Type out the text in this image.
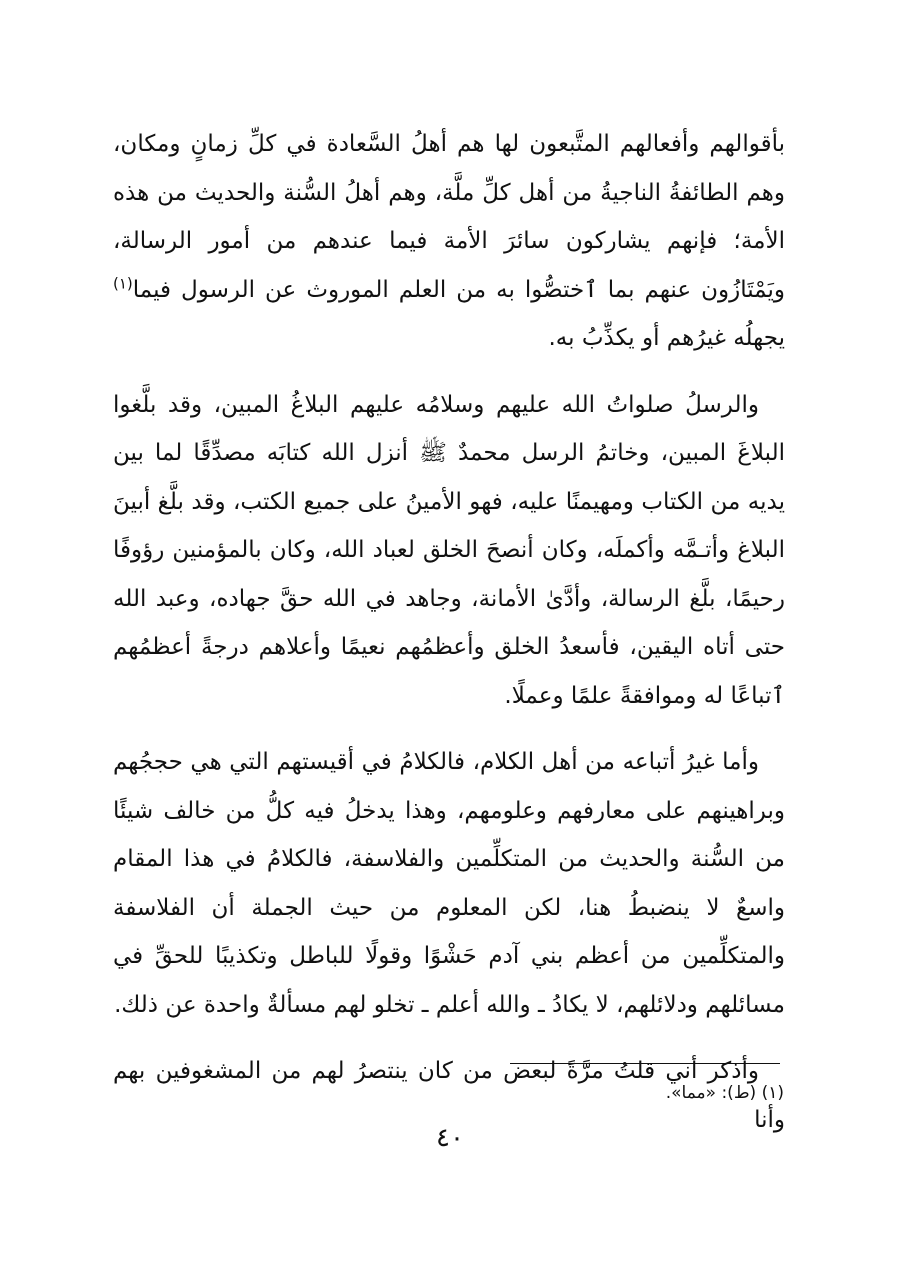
بأقوالهم وأفعالهم المتَّبعون لها هم أهلُ السَّعادة في كلِّ زمانٍ ومكان، وهم الطائفةُ الناجيةُ من أهل كلِّ ملَّة، وهم أهلُ السُّنة والحديث من هذه الأمة؛ فإنهم يشاركون سائرَ الأمة فيما عندهم من أمور الرسالة، ويَمْتَازُون عنهم بما ٱختصُّوا به من العلم الموروث عن الرسول فيما$^{(١)}$ يجهلُه غيرُهم أو يكذِّبُ به.

والرسلُ صلواتُ الله عليهم وسلامُه عليهم البلاغُ المبين، وقد بلَّغوا البلاغَ المبين، وخاتمُ الرسل محمدٌ ﷺ أنزل الله كتابَه مصدِّقًا لما بين يديه من الكتاب ومهيمنًا عليه، فهو الأمينُ على جميع الكتب، وقد بلَّغ أبينَ البلاغ وأتـمَّه وأكملَه، وكان أنصحَ الخلق لعباد الله، وكان بالمؤمنين رؤوفًا رحيمًا، بلَّغ الرسالة، وأدَّىٰ الأمانة، وجاهد في الله حقَّ جهاده، وعبد الله حتى أتاه اليقين، فأسعدُ الخلق وأعظمُهم نعيمًا وأعلاهم درجةً أعظمُهم ٱتباعًا له وموافقةً علمًا وعملًا.

وأما غيرُ أتباعه من أهل الكلام، فالكلامُ في أقيستهم التي هي حججُهم وبراهينهم على معارفهم وعلومهم، وهذا يدخلُ فيه كلُّ من خالف شيئًا من السُّنة والحديث من المتكلِّمين والفلاسفة، فالكلامُ في هذا المقام واسعٌ لا ينضبطُ هنا، لكن المعلوم من حيث الجملة أن الفلاسفة والمتكلِّمين من أعظم بني آدم حَشْوًا وقولًا للباطل وتكذيبًا للحقِّ في مسائلهم ودلائلهم، لا يكادُ ـ والله أعلم ـ تخلو لهم مسألةٌ واحدة عن ذلك.

وأذكر أني قلتُ مرَّةً لبعض من كان ينتصرُ لهم من المشغوفين بهم وأنا

(١) (ط): «مما».
٤٠
